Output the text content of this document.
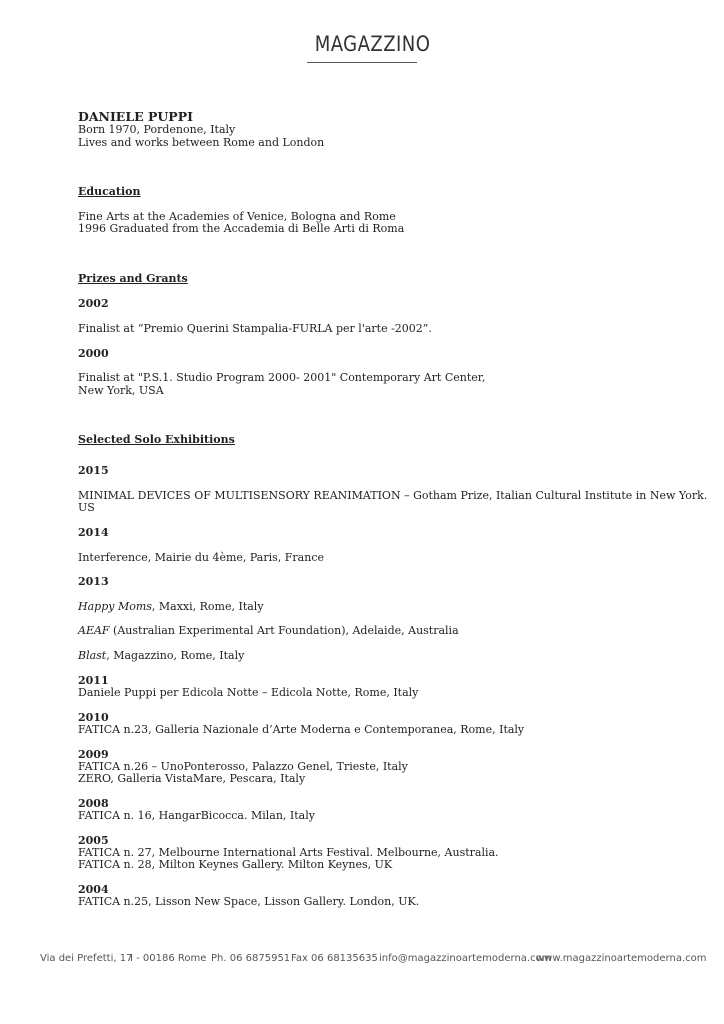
MAGAZZINO
DANIELE PUPPI
Born 1970, Pordenone, Italy
Lives and works between Rome and London
Education
Fine Arts at the Academies of Venice, Bologna and Rome
1996 Graduated from the Accademia di Belle Arti di Roma
Prizes and Grants
2002
Finalist at “Premio Querini Stampalia-FURLA per l'arte -2002”.
2000
Finalist at "P.S.1. Studio Program 2000- 2001" Contemporary Art Center,
New York, USA
Selected Solo Exhibitions
2015
MINIMAL DEVICES OF MULTISENSORY REANIMATION – Gotham Prize, Italian Cultural Institute in New York.
US
2014
Interference, Mairie du 4ème, Paris, France
2013
Happy Moms, Maxxi, Rome, Italy
AEAF (Australian Experimental Art Foundation), Adelaide, Australia
Blast, Magazzino, Rome, Italy
2011
Daniele Puppi per Edicola Notte – Edicola Notte, Rome, Italy
2010
FATICA n.23, Galleria Nazionale d’Arte Moderna e Contemporanea, Rome, Italy
2009
FATICA n.26 – UnoPonterosso, Palazzo Genel, Trieste, Italy
ZERO, Galleria VistaMare, Pescara, Italy
2008
FATICA n. 16, HangarBicocca. Milan, Italy
2005
FATICA n. 27, Melbourne International Arts Festival. Melbourne, Australia.
FATICA n. 28, Milton Keynes Gallery. Milton Keynes, UK
2004
FATICA n.25, Lisson New Space, Lisson Gallery. London, UK.
Via dei Prefetti, 17
I - 00186 Rome Ph. 06 6875951 Fax 06 68135635 info@magazzinoartemoderna.com
www.magazzinoartemoderna.com
